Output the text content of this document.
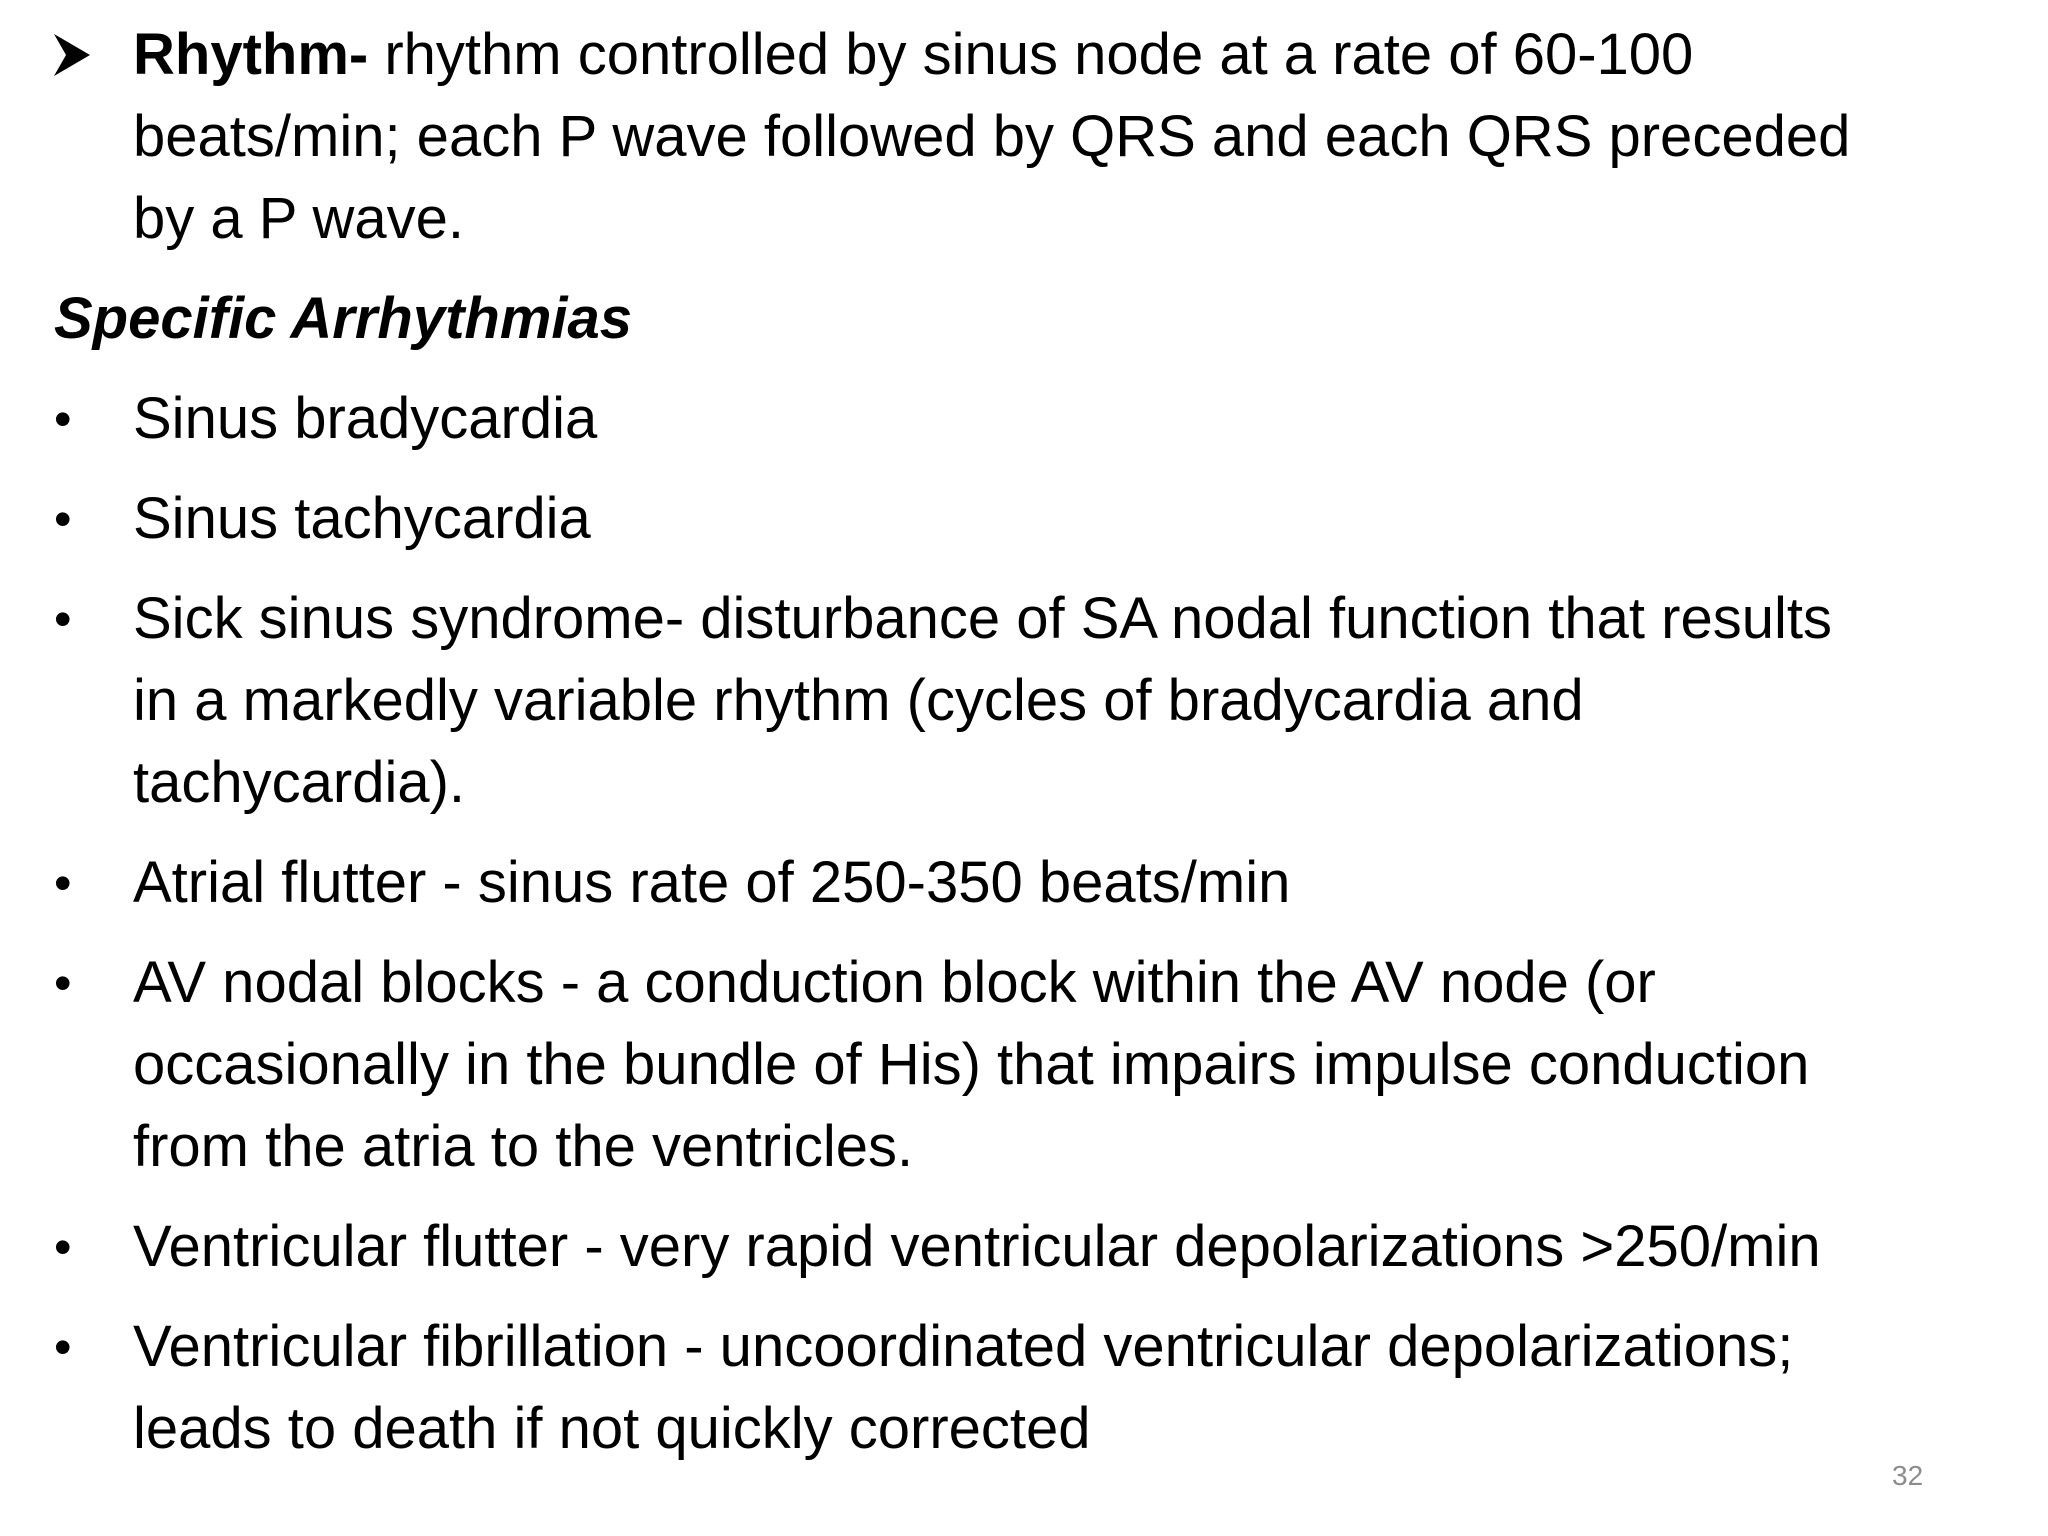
Rhythm- rhythm controlled by sinus node at a rate of 60-100
beats/min; each P wave followed by QRS and each QRS preceded
by a P wave.
Specific Arrhythmias
• Sinus bradycardia
• Sinus tachycardia
• Sick sinus syndrome- disturbance of SA nodal function that results
in a markedly variable rhythm (cycles of bradycardia and
tachycardia).
• Atrial flutter - sinus rate of 250-350 beats/min
• AV nodal blocks - a conduction block within the AV node (or
occasionally in the bundle of His) that impairs impulse conduction
from the atria to the ventricles.
• Ventricular flutter - very rapid ventricular depolarizations >250/min
• Ventricular fibrillation - uncoordinated ventricular depolarizations;
leads to death if not quickly corrected
32
